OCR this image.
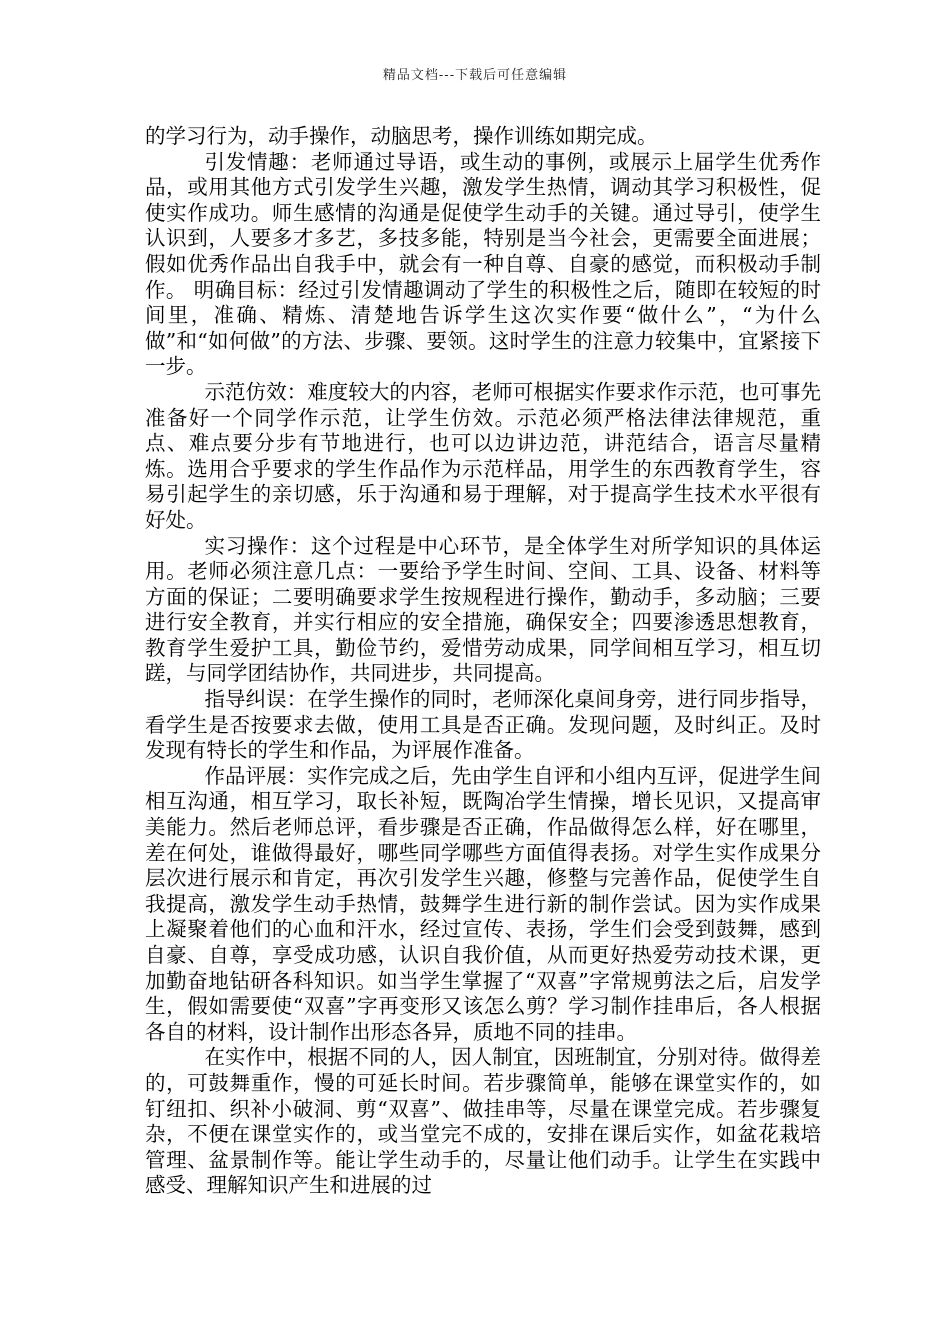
精品文档---下载后可任意编辑

的学习行为，动手操作，动脑思考，操作训练如期完成。

引发情趣：老师通过导语，或生动的事例，或展示上届学生优秀作品，或用其他方式引发学生兴趣，激发学生热情，调动其学习积极性，促使实作成功。师生感情的沟通是促使学生动手的关键。通过导引，使学生认识到，人要多才多艺，多技多能，特别是当今社会，更需要全面进展；假如优秀作品出自我手中，就会有一种自尊、自豪的感觉，而积极动手制作。 明确目标：经过引发情趣调动了学生的积极性之后，随即在较短的时间里，准确、精炼、清楚地告诉学生这次实作要“做什么”，“为什么做”和“如何做”的方法、步骤、要领。这时学生的注意力较集中，宜紧接下一步。

示范仿效：难度较大的内容，老师可根据实作要求作示范，也可事先准备好一个同学作示范，让学生仿效。示范必须严格法律法律规范，重点、难点要分步有节地进行，也可以边讲边范，讲范结合，语言尽量精炼。选用合乎要求的学生作品作为示范样品，用学生的东西教育学生，容易引起学生的亲切感，乐于沟通和易于理解，对于提高学生技术水平很有好处。

实习操作：这个过程是中心环节，是全体学生对所学知识的具体运用。老师必须注意几点：一要给予学生时间、空间、工具、设备、材料等方面的保证；二要明确要求学生按规程进行操作，勤动手，多动脑；三要进行安全教育，并实行相应的安全措施，确保安全；四要渗透思想教育，教育学生爱护工具，勤俭节约，爱惜劳动成果，同学间相互学习，相互切蹉，与同学团结协作，共同进步，共同提高。

指导纠误：在学生操作的同时，老师深化桌间身旁，进行同步指导，看学生是否按要求去做，使用工具是否正确。发现问题，及时纠正。及时发现有特长的学生和作品，为评展作准备。

作品评展：实作完成之后，先由学生自评和小组内互评，促进学生间相互沟通，相互学习，取长补短，既陶冶学生情操，增长见识，又提高审美能力。然后老师总评，看步骤是否正确，作品做得怎么样，好在哪里，差在何处，谁做得最好，哪些同学哪些方面值得表扬。对学生实作成果分层次进行展示和肯定，再次引发学生兴趣，修整与完善作品，促使学生自我提高，激发学生动手热情，鼓舞学生进行新的制作尝试。因为实作成果上凝聚着他们的心血和汗水，经过宣传、表扬，学生们会受到鼓舞，感到自豪、自尊，享受成功感，认识自我价值，从而更好热爱劳动技术课，更加勤奋地钻研各科知识。如当学生掌握了“双喜”字常规剪法之后，启发学生，假如需要使“双喜”字再变形又该怎么剪？学习制作挂串后，各人根据各自的材料，设计制作出形态各异，质地不同的挂串。

在实作中，根据不同的人，因人制宜，因班制宜，分别对待。做得差的，可鼓舞重作，慢的可延长时间。若步骤简单，能够在课堂实作的，如钉纽扣、织补小破洞、剪“双喜”、做挂串等，尽量在课堂完成。若步骤复杂，不便在课堂实作的，或当堂完不成的，安排在课后实作，如盆花栽培管理、盆景制作等。能让学生动手的，尽量让他们动手。让学生在实践中感受、理解知识产生和进展的过
